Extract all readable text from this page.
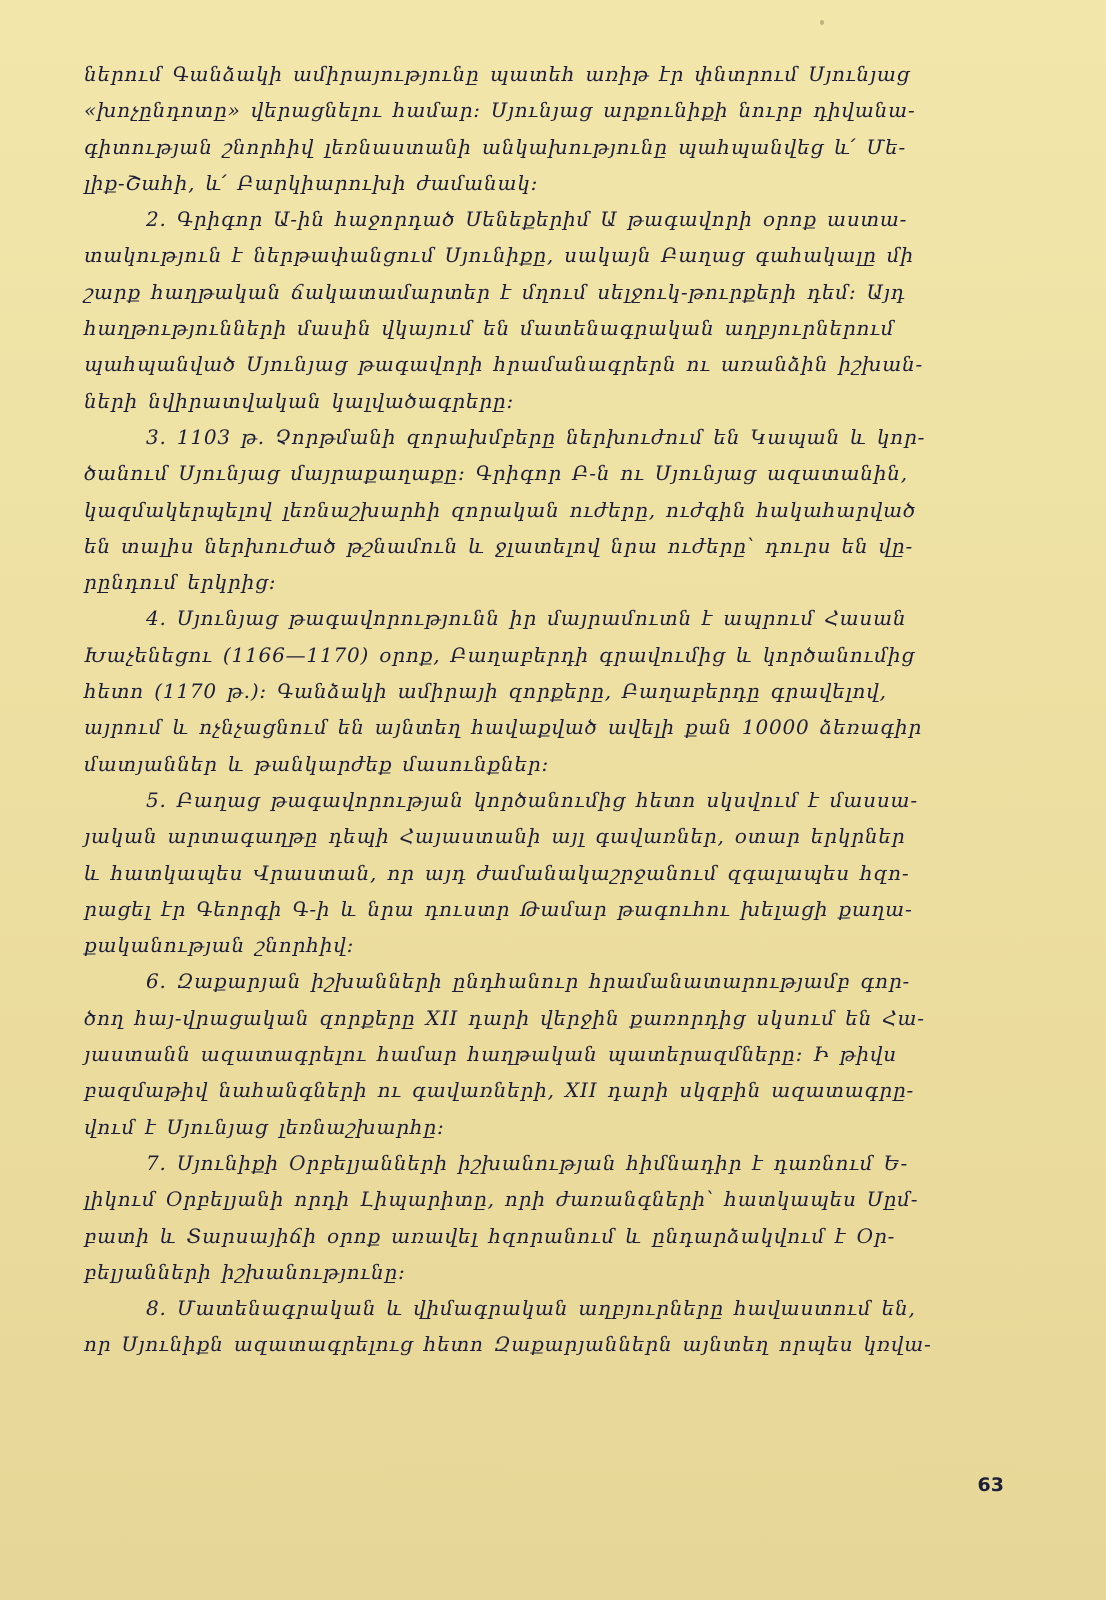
ներում Գանձակի ամիրայությունը պատեհ առիթ էր փնտրում Սյունյաց
«խոչընդոտը» վերացնելու համար։ Սյունյաց արքունիքի նուրբ դիվանա-
գիտության շնորհիվ լեռնաստանի անկախությունը պահպանվեց և՛ Մե-
լիք-Շահի, և՛ Բարկիարուխի ժամանակ։
2. Գրիգոր Ա-ին հաջորդած Սենեքերիմ Ա թագավորի օրոք աստա-
տակություն է ներթափանցում Սյունիքը, սակայն Բաղաց գահակալը մի
շարք հաղթական ճակատամարտեր է մղում սելջուկ-թուրքերի դեմ։ Այդ
հաղթությունների մասին վկայում են մատենագրական աղբյուրներում
պահպանված Սյունյաց թագավորի հրամանագրերն ու առանձին իշխան-
ների նվիրատվական կալվածագրերը։
3. 1103 թ. Չորթմանի զորախմբերը ներխուժում են Կապան և կոր-
ծանում Սյունյաց մայրաքաղաքը։ Գրիգոր Բ-ն ու Սյունյաց ազատանին,
կազմակերպելով լեռնաշխարհի զորական ուժերը, ուժգին հակահարված
են տալիս ներխուժած թշնամուն և ջլատելով նրա ուժերը՝ դուրս են վը-
րընդում երկրից։
4. Սյունյաց թագավորությունն իր մայրամուտն է ապրում Հասան
Խաչենեցու (1166—1170) օրոք, Բաղաբերդի գրավումից և կործանումից
հետո (1170 թ.)։ Գանձակի ամիրայի զորքերը, Բաղաբերդը գրավելով,
այրում և ոչնչացնում են այնտեղ հավաքված ավելի քան 10000 ձեռագիր
մատյաններ և թանկարժեք մասունքներ։
5. Բաղաց թագավորության կործանումից հետո սկսվում է մասսա-
յական արտագաղթը դեպի Հայաստանի այլ գավառներ, օտար երկրներ
և հատկապես Վրաստան, որ այդ ժամանակաշրջանում զգալապես հզո-
րացել էր Գեորգի Գ-ի և նրա դուստր Թամար թագուհու խելացի քաղա-
քականության շնորհիվ։
6. Զաքարյան իշխանների ընդհանուր հրամանատարությամբ գոր-
ծող հայ-վրացական զորքերը XII դարի վերջին քառորդից սկսում են Հա-
յաստանն ազատագրելու համար հաղթական պատերազմները։ Ի թիվս
բազմաթիվ նահանգների ու գավառների, XII դարի սկզբին ազատագրը-
վում է Սյունյաց լեռնաշխարհը։
7. Սյունիքի Օրբելյանների իշխանության հիմնադիր է դառնում Ե-
լիկում Օրբելյանի որդի Լիպարիտը, որի ժառանգների՝ հատկապես Սըմ-
բատի և Տարսայիճի օրոք առավել հզորանում և ընդարձակվում է Օր-
բելյանների իշխանությունը։
8. Մատենագրական և վիմագրական աղբյուրները հավաստում են,
որ Սյունիքն ազատագրելուց հետո Զաքարյաններն այնտեղ որպես կռվա-
63
